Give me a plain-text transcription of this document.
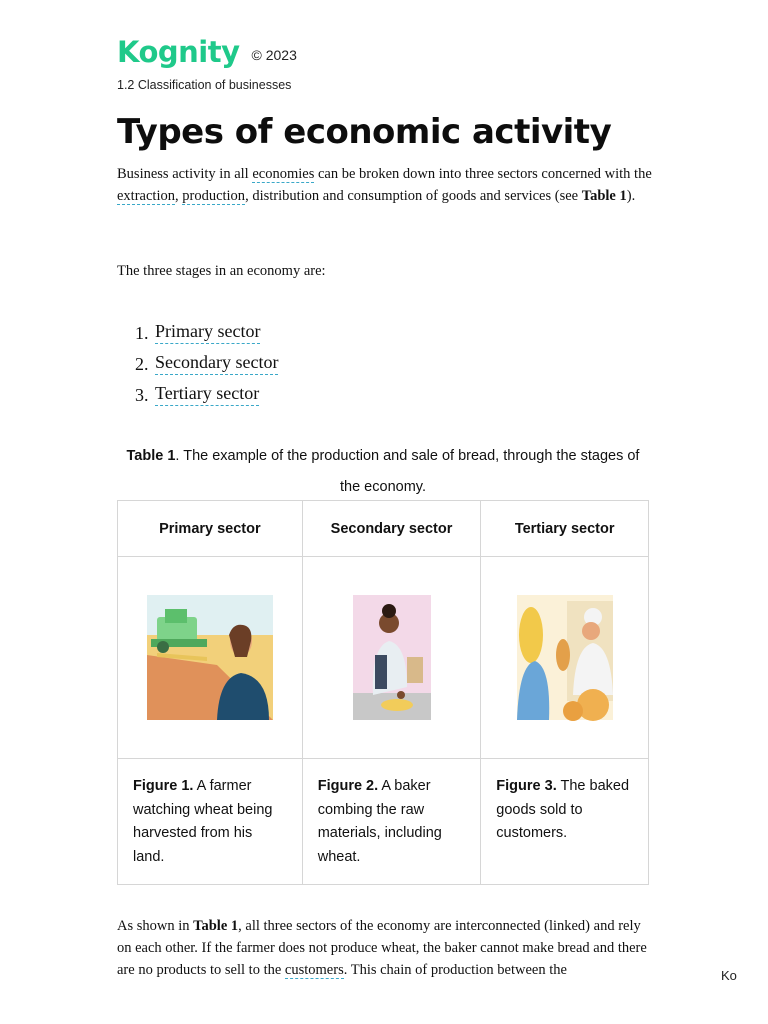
Kognity © 2023
1.2 Classification of businesses
Types of economic activity

Business activity in all economies can be broken down into three sectors concerned with the extraction, production, distribution and consumption of goods and services (see Table 1).

The three stages in an economy are:

1. Primary sector
2. Secondary sector
3. Tertiary sector

Table 1. The example of the production and sale of bread, through the stages of the economy.

Primary sector	Secondary sector	Tertiary sector

Figure 1. A farmer watching wheat being harvested from his land.	Figure 2. A baker combing the raw materials, including wheat.	Figure 3. The baked goods sold to customers.

As shown in Table 1, all three sectors of the economy are interconnected (linked) and rely on each other. If the farmer does not produce wheat, the baker cannot make bread and there are no products to sell to the customers. This chain of production between the	Ko
